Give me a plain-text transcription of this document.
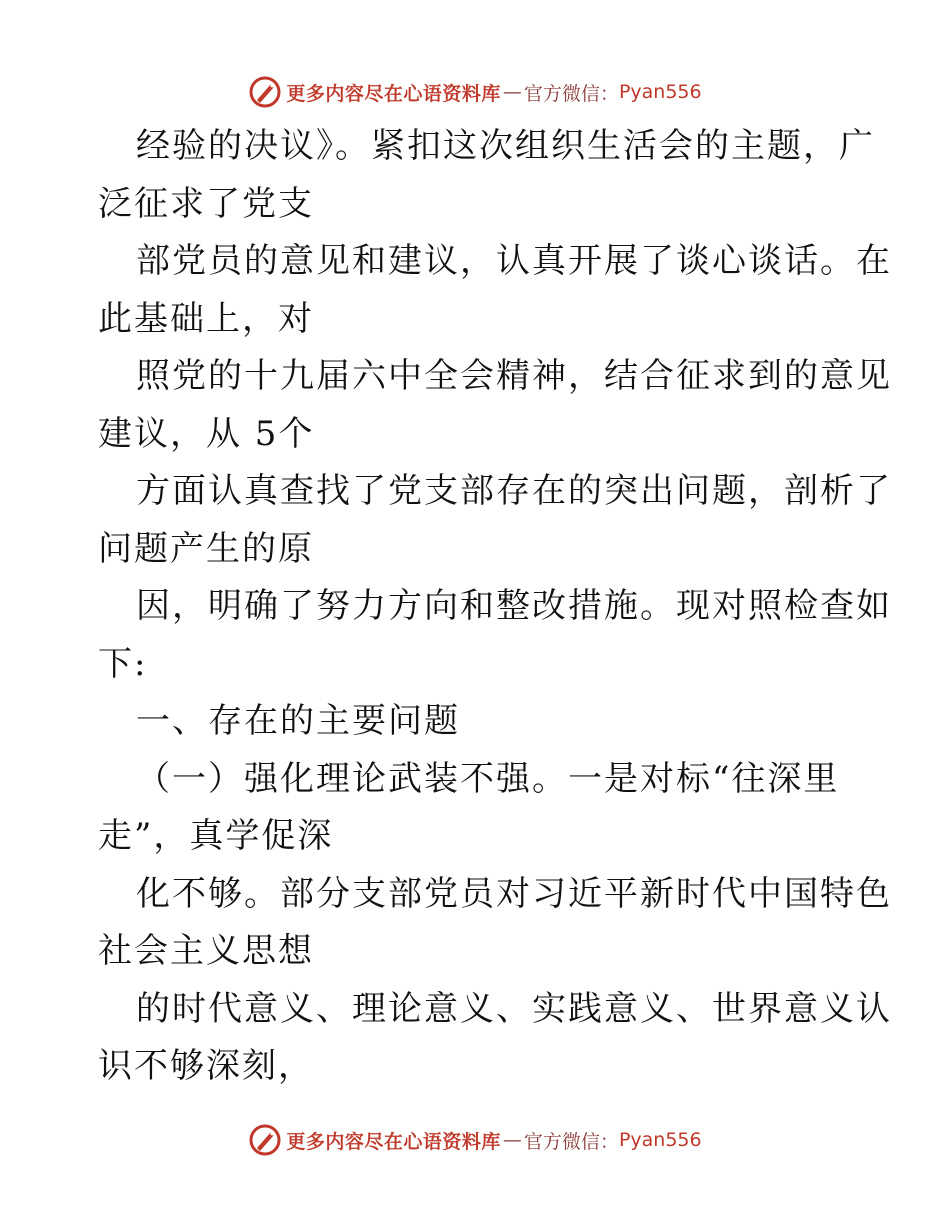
更多内容尽在心语资料库 — 官方微信： Pyan556
经验的决议》。紧扣这次组织生活会的主题，广
泛征求了党支
部党员的意见和建议，认真开展了谈心谈话。在
此基础上，对
照党的十九届六中全会精神，结合征求到的意见
建议，从 5个
方面认真查找了党支部存在的突出问题，剖析了
问题产生的原
因，明确了努力方向和整改措施。现对照检查如
下:
一、存在的主要问题
（一）强化理论武装不强。一是对标“往深里
走”，真学促深
化不够。部分支部党员对习近平新时代中国特色
社会主义思想
的时代意义、理论意义、实践意义、世界意义认
识不够深刻，
更多内容尽在心语资料库 — 官方微信： Pyan556
